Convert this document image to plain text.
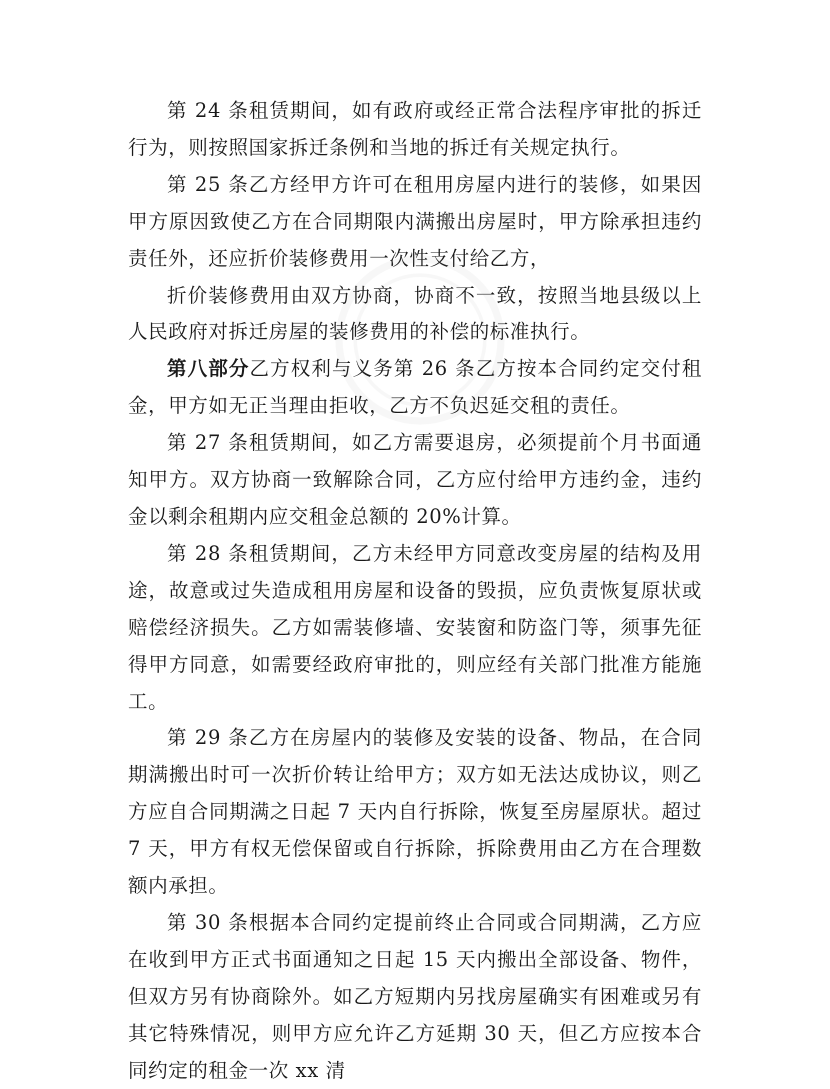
第 24 条租赁期间，如有政府或经正常合法程序审批的拆迁行为，则按照国家拆迁条例和当地的拆迁有关规定执行。

第 25 条乙方经甲方许可在租用房屋内进行的装修，如果因甲方原因致使乙方在合同期限内满搬出房屋时，甲方除承担违约责任外，还应折价装修费用一次性支付给乙方，

折价装修费用由双方协商，协商不一致，按照当地县级以上人民政府对拆迁房屋的装修费用的补偿的标准执行。

第八部分乙方权利与义务第 26 条乙方按本合同约定交付租金，甲方如无正当理由拒收，乙方不负迟延交租的责任。

第 27 条租赁期间，如乙方需要退房，必须提前个月书面通知甲方。双方协商一致解除合同，乙方应付给甲方违约金，违约金以剩余租期内应交租金总额的 20%计算。

第 28 条租赁期间，乙方未经甲方同意改变房屋的结构及用途，故意或过失造成租用房屋和设备的毁损，应负责恢复原状或赔偿经济损失。乙方如需装修墙、安装窗和防盗门等，须事先征得甲方同意，如需要经政府审批的，则应经有关部门批准方能施工。

第 29 条乙方在房屋内的装修及安装的设备、物品，在合同期满搬出时可一次折价转让给甲方；双方如无法达成协议，则乙方应自合同期满之日起 7 天内自行拆除，恢复至房屋原状。超过 7 天，甲方有权无偿保留或自行拆除，拆除费用由乙方在合理数额内承担。

第 30 条根据本合同约定提前终止合同或合同期满，乙方应在收到甲方正式书面通知之日起 15 天内搬出全部设备、物件，但双方另有协商除外。如乙方短期内另找房屋确实有困难或另有其它特殊情况，则甲方应允许乙方延期 30 天，但乙方应按本合同约定的租金一次 xx 清
